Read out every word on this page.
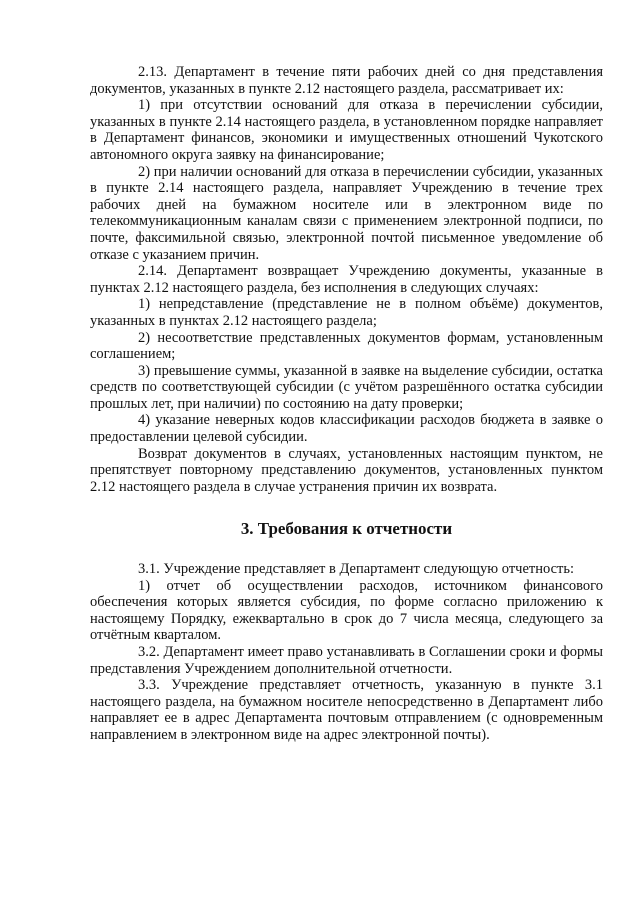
2.13. Департамент в течение пяти рабочих дней со дня представления документов, указанных в пункте 2.12 настоящего раздела, рассматривает их:

1) при отсутствии оснований для отказа в перечислении субсидии, указанных в пункте 2.14 настоящего раздела, в установленном порядке направляет в Департамент финансов, экономики и имущественных отношений Чукотского автономного округа заявку на финансирование;

2) при наличии оснований для отказа в перечислении субсидии, указанных в пункте 2.14 настоящего раздела, направляет Учреждению в течение трех рабочих дней на бумажном носителе или в электронном виде по телекоммуникационным каналам связи с применением электронной подписи, по почте, факсимильной связью, электронной почтой письменное уведомление об отказе с указанием причин.

2.14. Департамент возвращает Учреждению документы, указанные в пунктах 2.12 настоящего раздела, без исполнения в следующих случаях:

1) непредставление (представление не в полном объёме) документов, указанных в пунктах 2.12 настоящего раздела;

2) несоответствие представленных документов формам, установленным соглашением;

3) превышение суммы, указанной в заявке на выделение субсидии, остатка средств по соответствующей субсидии (с учётом разрешённого остатка субсидии прошлых лет, при наличии) по состоянию на дату проверки;

4) указание неверных кодов классификации расходов бюджета в заявке о предоставлении целевой субсидии.

Возврат документов в случаях, установленных настоящим пунктом, не препятствует повторному представлению документов, установленных пунктом 2.12 настоящего раздела в случае устранения причин их возврата.

3. Требования к отчетности

3.1. Учреждение представляет в Департамент следующую отчетность:

1) отчет об осуществлении расходов, источником финансового обеспечения которых является субсидия, по форме согласно приложению к настоящему Порядку, ежеквартально в срок до 7 числа месяца, следующего за отчётным кварталом.

3.2. Департамент имеет право устанавливать в Соглашении сроки и формы представления Учреждением дополнительной отчетности.

3.3. Учреждение представляет отчетность, указанную в пункте 3.1 настоящего раздела, на бумажном носителе непосредственно в Департамент либо направляет ее в адрес Департамента почтовым отправлением (с одновременным направлением в электронном виде на адрес электронной почты).
